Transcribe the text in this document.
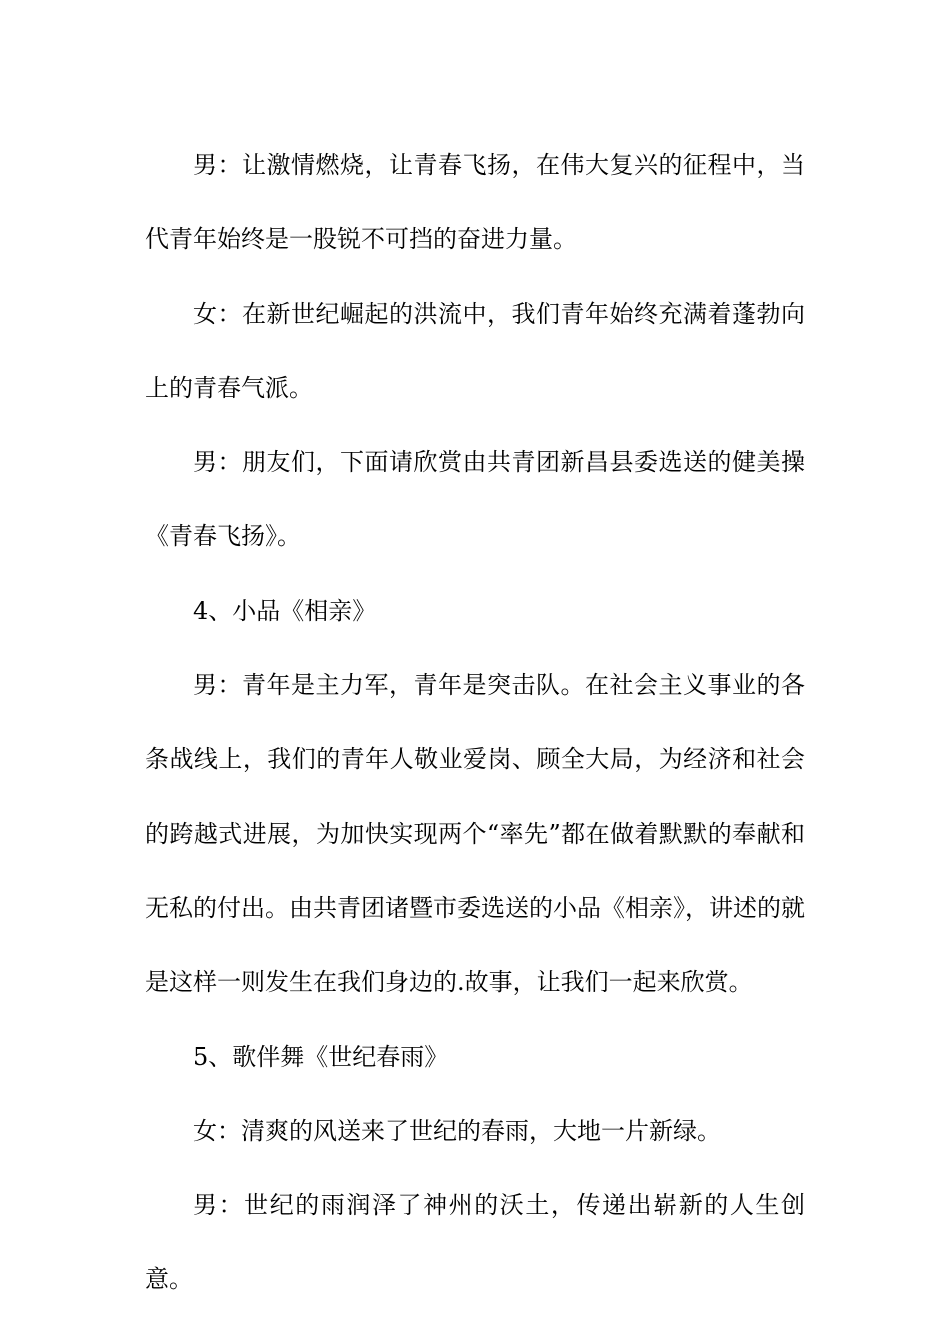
男：让激情燃烧，让青春飞扬，在伟大复兴的征程中，当代青年始终是一股锐不可挡的奋进力量。

女：在新世纪崛起的洪流中，我们青年始终充满着蓬勃向上的青春气派。

男：朋友们，下面请欣赏由共青团新昌县委选送的健美操《青春飞扬》。

4、小品《相亲》

男：青年是主力军，青年是突击队。在社会主义事业的各条战线上，我们的青年人敬业爱岗、顾全大局，为经济和社会的跨越式进展，为加快实现两个“率先”都在做着默默的奉献和无私的付出。由共青团诸暨市委选送的小品《相亲》，讲述的就是这样一则发生在我们身边的.故事，让我们一起来欣赏。

5、歌伴舞《世纪春雨》

女：清爽的风送来了世纪的春雨，大地一片新绿。

男：世纪的雨润泽了神州的沃土，传递出崭新的人生创意。
